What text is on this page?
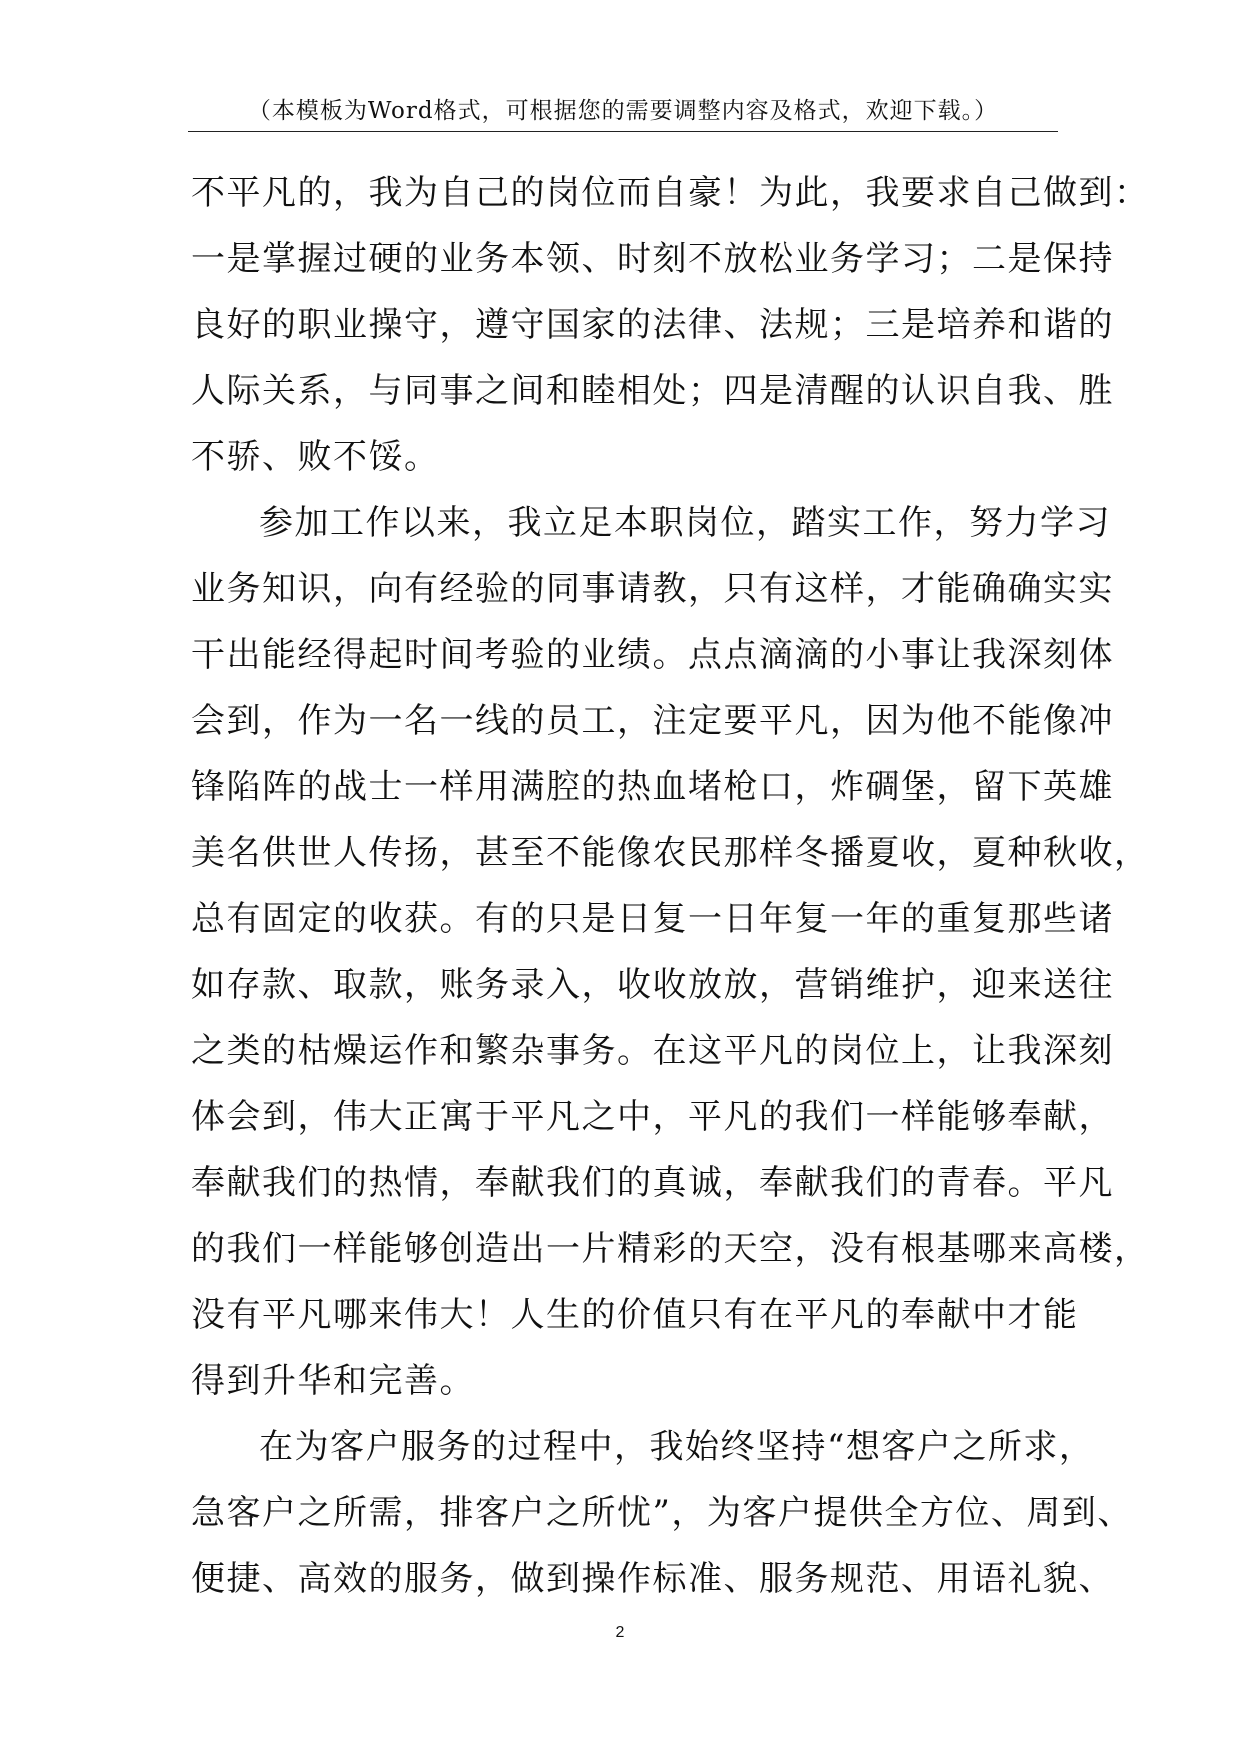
（本模板为Word格式，可根据您的需要调整内容及格式，欢迎下载。）
不平凡的，我为自己的岗位而自豪！为此，我要求自己做到：
一是掌握过硬的业务本领、时刻不放松业务学习；二是保持
良好的职业操守，遵守国家的法律、法规；三是培养和谐的
人际关系，与同事之间和睦相处；四是清醒的认识自我、胜
不骄、败不馁。
参加工作以来，我立足本职岗位，踏实工作，努力学习
业务知识，向有经验的同事请教，只有这样，才能确确实实
干出能经得起时间考验的业绩。点点滴滴的小事让我深刻体
会到，作为一名一线的员工，注定要平凡，因为他不能像冲
锋陷阵的战士一样用满腔的热血堵枪口，炸碉堡，留下英雄
美名供世人传扬，甚至不能像农民那样冬播夏收，夏种秋收，
总有固定的收获。有的只是日复一日年复一年的重复那些诸
如存款、取款，账务录入，收收放放，营销维护，迎来送往
之类的枯燥运作和繁杂事务。在这平凡的岗位上，让我深刻
体会到，伟大正寓于平凡之中，平凡的我们一样能够奉献，
奉献我们的热情，奉献我们的真诚，奉献我们的青春。平凡
的我们一样能够创造出一片精彩的天空，没有根基哪来高楼，
没有平凡哪来伟大！人生的价值只有在平凡的奉献中才能
得到升华和完善。
在为客户服务的过程中，我始终坚持“想客户之所求，
急客户之所需，排客户之所忧”，为客户提供全方位、周到、
便捷、高效的服务，做到操作标准、服务规范、用语礼貌、
2
